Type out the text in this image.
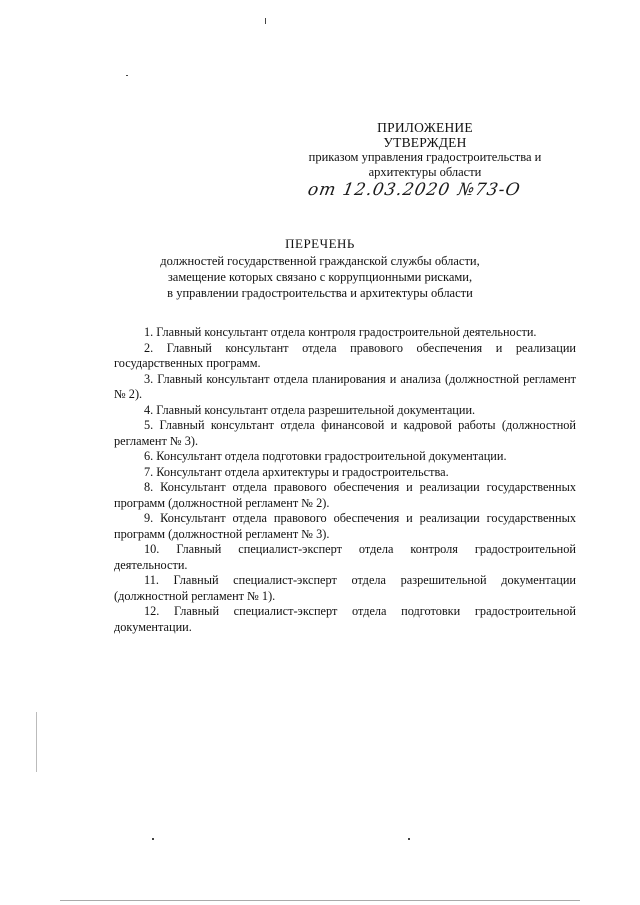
ПРИЛОЖЕНИЕ
УТВЕРЖДЕН
приказом управления градостроительства и
архитектуры области
от 12.03.2020 №73-О
ПЕРЕЧЕНЬ
должностей государственной гражданской службы области,
замещение которых связано с коррупционными рисками,
в управлении градостроительства и архитектуры области

1. Главный консультант отдела контроля градостроительной деятельности.

2. Главный консультант отдела правового обеспечения и реализации государственных программ.

3. Главный консультант отдела планирования и анализа (должностной регламент № 2).

4. Главный консультант отдела разрешительной документации.

5. Главный консультант отдела финансовой и кадровой работы (должностной регламент № 3).

6. Консультант отдела подготовки градостроительной документации.

7. Консультант отдела архитектуры и градостроительства.

8. Консультант отдела правового обеспечения и реализации государственных программ (должностной регламент № 2).

9. Консультант отдела правового обеспечения и реализации государственных программ (должностной регламент № 3).

10. Главный специалист-эксперт отдела контроля градостроительной деятельности.

11. Главный специалист-эксперт отдела разрешительной документации (должностной регламент № 1).

12. Главный специалист-эксперт отдела подготовки градостроительной документации.
